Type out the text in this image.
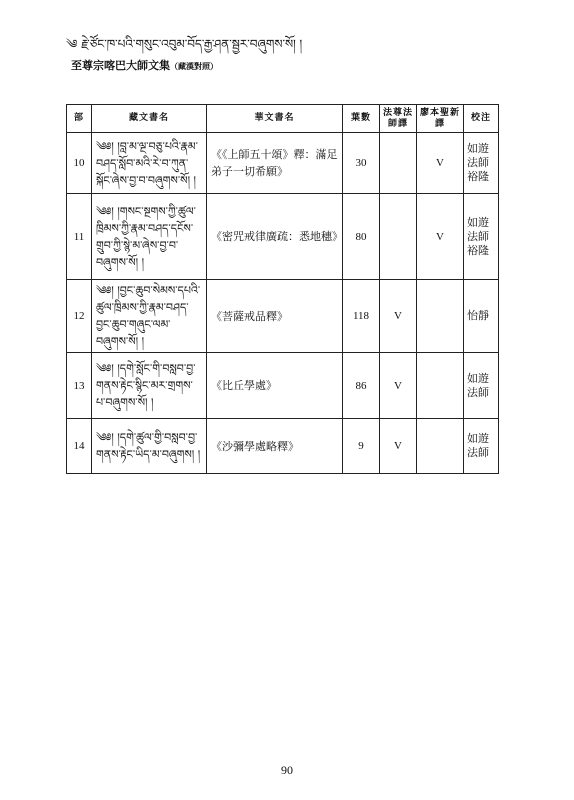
༄ རྗེ་ཙོང་ཁ་པའི་གསུང་འབུམ་བོད་རྒྱ་ཤན་སྦྱར་བཞུགས་སོ། །
至尊宗喀巴大師文集（藏漢對照）
部	藏文書名	華文書名	葉數	法尊法師譯	廖本聖新譯	校注
10	༄༅། །བླ་མ་ལྔ་བཅུ་པའི་རྣམ་བཤད་སློབ་མའི་རེ་བ་ཀུན་སྐོང་ཞེས་བྱ་བ་བཞུགས་སོ། །	《《上師五十頌》釋：滿足弟子一切希願》	30		V	如遊法師裕隆
11	༄༅། །གསང་སྔགས་ཀྱི་ཚུལ་ཁྲིམས་ཀྱི་རྣམ་བཤད་དངོས་གྲུབ་ཀྱི་སྙེ་མ་ཞེས་བྱ་བ་བཞུགས་སོ། །	《密咒戒律廣疏：悉地穗》	80		V	如遊法師裕隆
12	༄༅། །བྱང་ཆུབ་སེམས་དཔའི་ཚུལ་ཁྲིམས་ཀྱི་རྣམ་བཤད་བྱང་ཆུབ་གཞུང་ལམ་བཞུགས་སོ། །	《菩薩戒品釋》	118	V		怡靜
13	༄༅། །དགེ་སློང་གི་བསླབ་བྱ་གནས་རྟེང་སྙིང་མར་གྲགས་པ་བཞུགས་སོ། །	《比丘學處》	86	V		如遊法師
14	༄༅། །དགེ་ཚུལ་གྱི་བསླབ་བྱ་གནས་རྟེང་ཡིད་མ་བཞུགས། །	《沙彌學處略釋》	9	V		如遊法師
90
